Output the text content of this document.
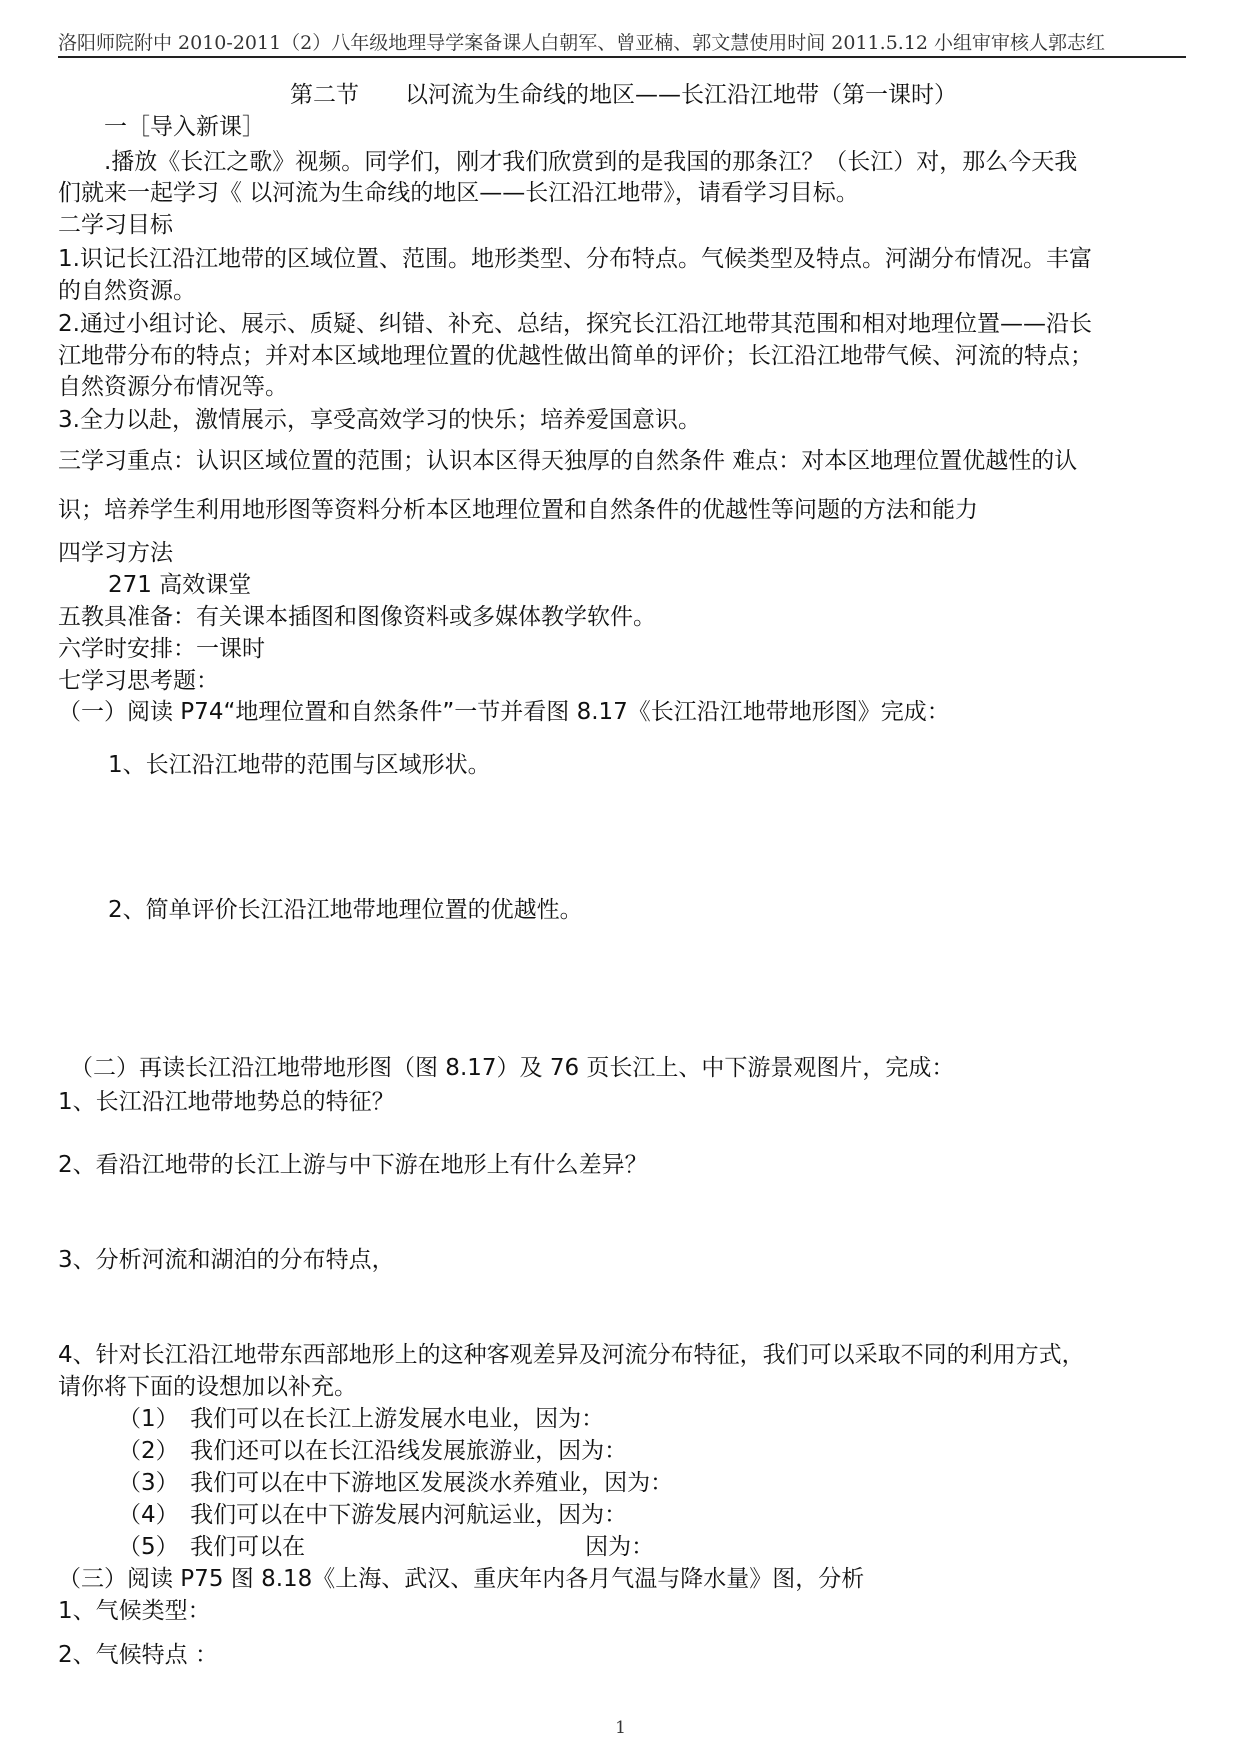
洛阳师院附中 2010-2011（2）八年级地理导学案备课人白朝军、曾亚楠、郭文慧使用时间 2011.5.12 小组审审核人郭志红
第二节　　以河流为生命线的地区——长江沿江地带（第一课时）
一［导入新课］
.播放《长江之歌》视频。同学们，刚才我们欣赏到的是我国的那条江？（长江）对，那么今天我
们就来一起学习《 以河流为生命线的地区——长江沿江地带》，请看学习目标。
二学习目标
1.识记长江沿江地带的区域位置、范围。地形类型、分布特点。气候类型及特点。河湖分布情况。丰富
的自然资源。
2.通过小组讨论、展示、质疑、纠错、补充、总结，探究长江沿江地带其范围和相对地理位置——沿长
江地带分布的特点；并对本区域地理位置的优越性做出简单的评价；长江沿江地带气候、河流的特点；
自然资源分布情况等。
3.全力以赴，激情展示，享受高效学习的快乐；培养爱国意识。
三学习重点：认识区域位置的范围；认识本区得天独厚的自然条件 难点：对本区地理位置优越性的认
识；培养学生利用地形图等资料分析本区地理位置和自然条件的优越性等问题的方法和能力
四学习方法
271 高效课堂
五教具准备：有关课本插图和图像资料或多媒体教学软件。
六学时安排：一课时
七学习思考题：
（一）阅读 P74“地理位置和自然条件”一节并看图 8.17《长江沿江地带地形图》完成：
1、长江沿江地带的范围与区域形状。
2、简单评价长江沿江地带地理位置的优越性。
（二）再读长江沿江地带地形图（图 8.17）及 76 页长江上、中下游景观图片，完成：
1、长江沿江地带地势总的特征？
2、看沿江地带的长江上游与中下游在地形上有什么差异？
3、分析河流和湖泊的分布特点，
4、针对长江沿江地带东西部地形上的这种客观差异及河流分布特征，我们可以采取不同的利用方式，
请你将下面的设想加以补充。
（1）　我们可以在长江上游发展水电业，因为：
（2）　我们还可以在长江沿线发展旅游业，因为：
（3）　我们可以在中下游地区发展淡水养殖业，因为：
（4）　我们可以在中下游发展内河航运业，因为：
（5）　我们可以在	因为：
（三）阅读 P75 图 8.18《上海、武汉、重庆年内各月气温与降水量》图，分析
1、气候类型：
2、气候特点 ：
1
